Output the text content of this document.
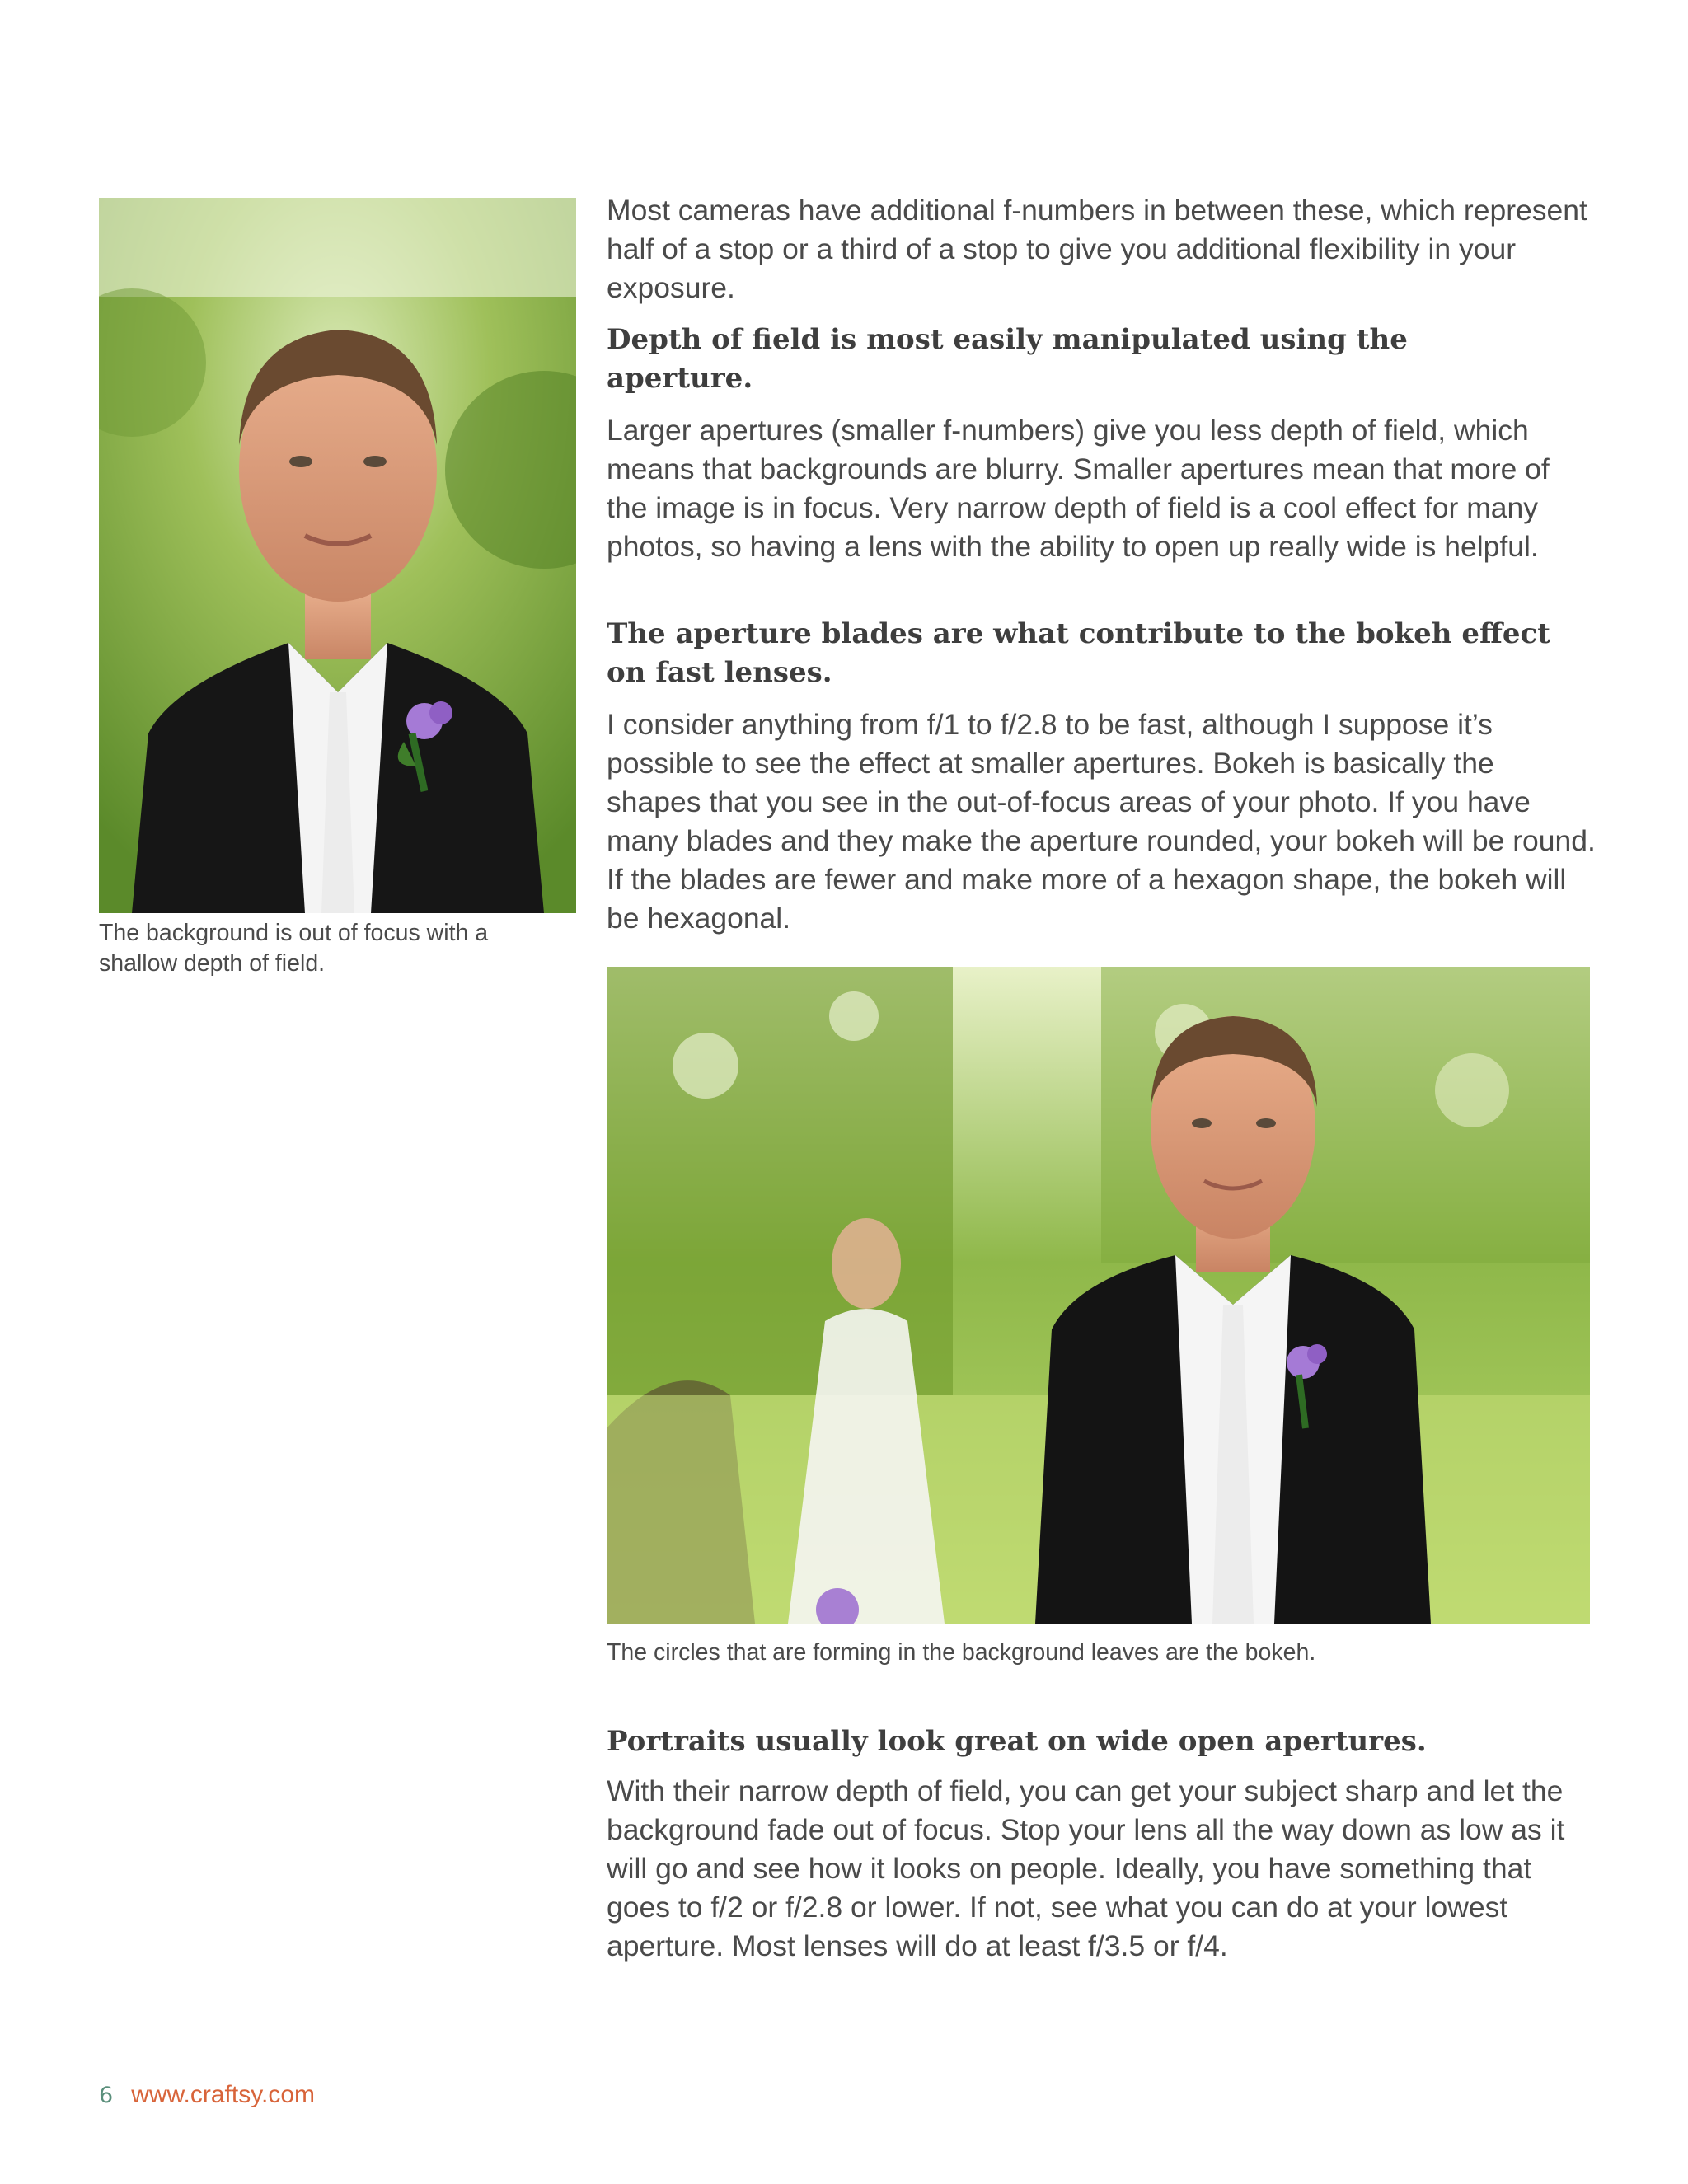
The background is out of focus with a shallow depth of field.

Most cameras have additional f-numbers in between these, which represent half of a stop or a third of a stop to give you additional flexibility in your exposure.

Depth of field is most easily manipulated using the aperture.

Larger apertures (smaller f-numbers) give you less depth of field, which means that backgrounds are blurry. Smaller apertures mean that more of the image is in focus. Very narrow depth of field is a cool effect for many photos, so having a lens with the ability to open up really wide is helpful.

The aperture blades are what contribute to the bokeh effect on fast lenses.

I consider anything from f/1 to f/2.8 to be fast, although I suppose it’s possible to see the effect at smaller apertures. Bokeh is basically the shapes that you see in the out-of-focus areas of your photo. If you have many blades and they make the aperture rounded, your bokeh will be round. If the blades are fewer and make more of a hexagon shape, the bokeh will be hexagonal.

The circles that are forming in the background leaves are the bokeh.

Portraits usually look great on wide open apertures.

With their narrow depth of field, you can get your subject sharp and let the background fade out of focus. Stop your lens all the way down as low as it will go and see how it looks on people. Ideally, you have something that goes to f/2 or f/2.8 or lower. If not, see what you can do at your lowest aperture. Most lenses will do at least f/3.5 or f/4.

6 www.craftsy.com
